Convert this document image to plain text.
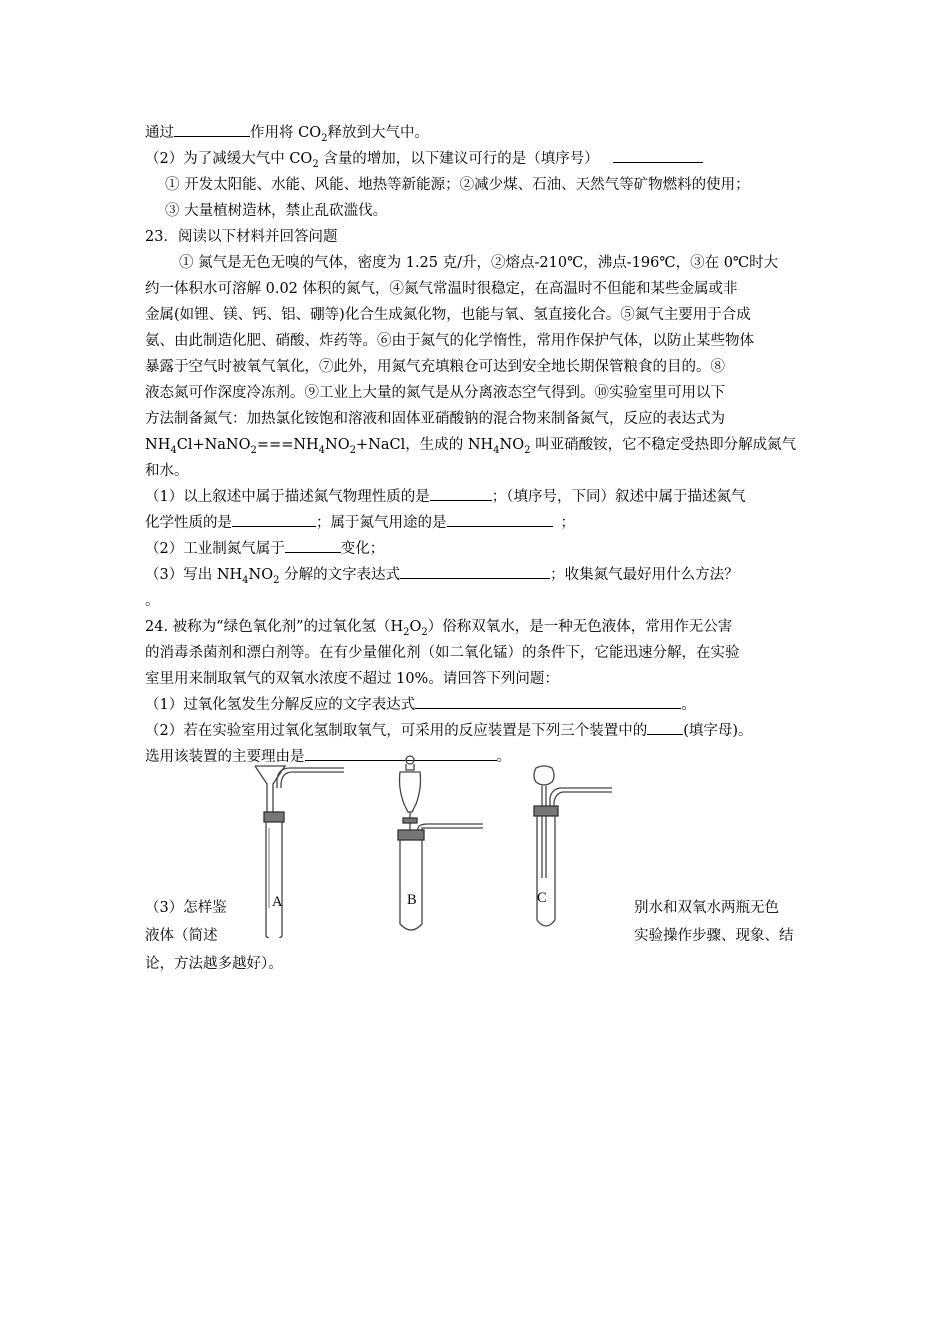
通过	作用将 $CO_2$释放到大气中。
（2）为了减缓大气中 $CO_2$ 含量的增加，以下建议可行的是（填序号）
① 开发太阳能、水能、风能、地热等新能源；②减少煤、石油、天然气等矿物燃料的使用；
③ 大量植树造林，禁止乱砍滥伐。
23．阅读以下材料并回答问题
① 氮气是无色无嗅的气体，密度为 1.25 克/升，②熔点-210℃，沸点-196℃，③在 0℃时大
约一体积水可溶解 0.02 体积的氮气，④氮气常温时很稳定，在高温时不但能和某些金属或非
金属(如锂、镁、钙、铝、硼等)化合生成氮化物，也能与氧、氢直接化合。⑤氮气主要用于合成
氨、由此制造化肥、硝酸、炸药等。⑥由于氮气的化学惰性，常用作保护气体，以防止某些物体
暴露于空气时被氧气氧化，⑦此外，用氮气充填粮仓可达到安全地长期保管粮食的目的。⑧
液态氮可作深度冷冻剂。⑨工业上大量的氮气是从分离液态空气得到。⑩实验室里可用以下
方法制备氮气：加热氯化铵饱和溶液和固体亚硝酸钠的混合物来制备氮气，反应的表达式为
$NH_4Cl+NaNO_2===NH_4NO_2+NaCl$，生成的 $NH_4NO_2$ 叫亚硝酸铵，它不稳定受热即分解成氮气
和水。
（1）以上叙述中属于描述氮气物理性质的是	；（填序号，下同）叙述中属于描述氮气
化学性质的是	；属于氮气用途的是	；
（2）工业制氮气属于	变化；
（3）写出 $NH_4NO_2$ 分解的文字表达式	；收集氮气最好用什么方法？
。
24. 被称为“绿色氧化剂”的过氧化氢$(H_2O_2)$俗称双氧水，是一种无色液体，常用作无公害
的消毒杀菌剂和漂白剂等。在有少量催化剂（如二氧化锰）的条件下，它能迅速分解，在实验
室里用来制取氧气的双氧水浓度不超过 10%。请回答下列问题：
（1）过氧化氢发生分解反应的文字表达式	。
（2）若在实验室用过氧化氢制取氧气，可采用的反应装置是下列三个装置中的 (填字母)。
选用该装置的主要理由是	。
（3）怎样鉴
液体（简述
论，方法越多越好）。
别水和双氧水两瓶无色
实验操作步骤、现象、结
A	B	C
